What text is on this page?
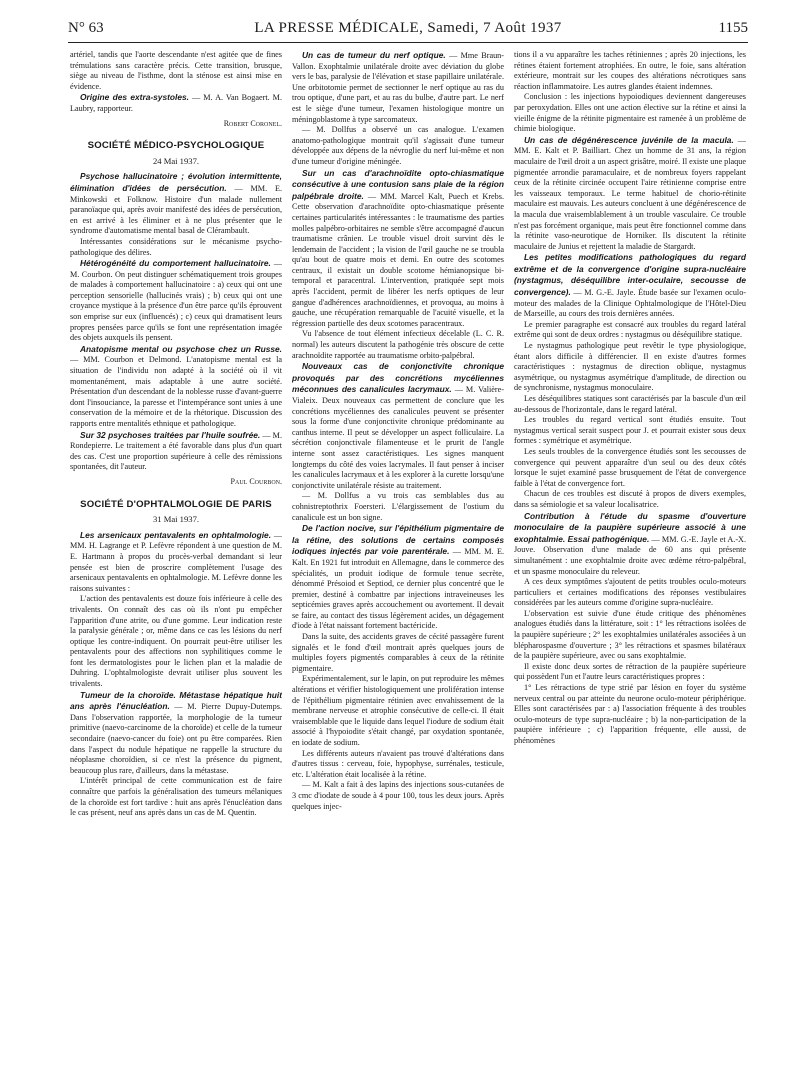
N° 63	LA PRESSE MÉDICALE, Samedi, 7 Août 1937	1155

artériel, tandis que l'aorte descendante n'est agitée que de fines trémulations sans caractère précis. Cette transition, brusque, siège au niveau de l'isthme, dont la sténose est ainsi mise en évidence.

Origine des extra-systoles. — M. A. Van Bogaert. M. Laubry, rapporteur.

Robert Coronel.
SOCIÉTÉ MÉDICO-PSYCHOLOGIQUE
24 Mai 1937.

Psychose hallucinatoire ; évolution intermittente, élimination d'idées de persécution. — MM. E. Minkowski et Folknow. Histoire d'un malade nullement paranoïaque qui, après avoir manifesté des idées de persécution, en est arrivé à les éliminer et à ne plus présenter que le syndrome d'automatisme mental basal de Clérambault.

Intéressantes considérations sur le mécanisme psycho-pathologique des délires.

Hétérogénéité du comportement hallucinatoire. — M. Courbon. On peut distinguer schématiquement trois groupes de malades à comportement hallucinatoire : a) ceux qui ont une perception sensorielle (hallucinés vrais) ; b) ceux qui ont une croyance mystique à la présence d'un être parce qu'ils éprouvent son emprise sur eux (influencés) ; c) ceux qui dramatisent leurs propres pensées parce qu'ils se font une représentation imagée des objets auxquels ils pensent.

Anatopisme mental ou psychose chez un Russe. — MM. Courbon et Delmond. L'anatopisme mental est la situation de l'individu non adapté à la société où il vit momentanément, mais adaptable à une autre société. Présentation d'un descendant de la noblesse russe d'avant-guerre dont l'insouciance, la paresse et l'intempérance sont unies à une conservation de la mémoire et de la rhétorique. Discussion des rapports entre mentalités ethnique et pathologique.

Sur 32 psychoses traitées par l'huile soufrée. — M. Rondepierre. Le traitement a été favorable dans plus d'un quart des cas. C'est une proportion supérieure à celle des rémissions spontanées, dit l'auteur.

Paul Courbon.
SOCIÉTÉ D'OPHTALMOLOGIE DE PARIS
31 Mai 1937.

Les arsenicaux pentavalents en ophtalmologie. — MM. H. Lagrange et P. Lefèvre répondent à une question de M. E. Hartmann à propos du procès-verbal demandant si leur pensée est bien de proscrire complètement l'usage des arsenicaux pentavalents en ophtalmologie. M. Lefèvre donne les raisons suivantes :

L'action des pentavalents est douze fois inférieure à celle des trivalents. On connaît des cas où ils n'ont pu empêcher l'apparition d'une atrite, ou d'une gomme. Leur indication reste la paralysie générale ; or, même dans ce cas les lésions du nerf optique les contre-indiquent. On pourrait peut-être utiliser les pentavalents pour des affections non syphilitiques comme le font les dermatologistes pour le lichen plan et la maladie de Duhring. L'ophtalmologiste devrait utiliser plus souvent les trivalents.

Tumeur de la choroïde. Métastase hépatique huit ans après l'énucléation. — M. Pierre Dupuy-Dutemps. Dans l'observation rapportée, la morphologie de la tumeur primitive (naevo-carcinome de la choroïde) et celle de la tumeur secondaire (naevo-cancer du foie) ont pu être comparées. Rien dans l'aspect du nodule hépatique ne rappelle la structure du néoplasme choroïdien, si ce n'est la présence du pigment, beaucoup plus rare, d'ailleurs, dans la métastase.

L'intérêt principal de cette communication est de faire connaître que parfois la généralisation des tumeurs mélaniques de la choroïde est fort tardive : huit ans après l'énucléation dans le cas présent, neuf ans après dans un cas de M. Quentin.

Un cas de tumeur du nerf optique. — Mme Braun-Vallon. Exophtalmie unilatérale droite avec déviation du globe vers le bas, paralysie de l'élévation et stase papillaire unilatérale. Une orbitotomie permet de sectionner le nerf optique au ras du trou optique, d'une part, et au ras du bulbe, d'autre part. Le nerf est le siège d'une tumeur, l'examen histologique montre un méningoblastome à type sarcomateux.

— M. Dollfus a observé un cas analogue. L'examen anatomo-pathologique montrait qu'il s'agissait d'une tumeur développée aux dépens de la névroglie du nerf lui-même et non d'une tumeur d'origine méningée.

Sur un cas d'arachnoïdite opto-chiasmatique consécutive à une contusion sans plaie de la région palpébrale droite. — MM. Marcel Kalt, Puech et Krebs. Cette observation d'arachnoïdite opto-chiasmatique présente certaines particularités intéressantes : le traumatisme des parties molles palpébro-orbitaires ne semble s'être accompagné d'aucun traumatisme crânien. Le trouble visuel droit survint dès le lendemain de l'accident ; la vision de l'œil gauche ne se troubla qu'au bout de quatre mois et demi. En outre des scotomes centraux, il existait un double scotome hémianopsique bi-temporal et paracentral. L'intervention, pratiquée sept mois après l'accident, permit de libérer les nerfs optiques de leur gangue d'adhérences arachnoïdiennes, et provoqua, au moins à gauche, une récupération remarquable de l'acuité visuelle, et la régression partielle des deux scotomes paracentraux.

Vu l'absence de tout élément infectieux décelable (L. C. R. normal) les auteurs discutent la pathogénie très obscure de cette arachnoïdite rapportée au traumatisme orbito-palpébral.

Nouveaux cas de conjonctivite chronique provoqués par des concrétions mycéliennes méconnues des canalicules lacrymaux. — M. Valière-Vialeix. Deux nouveaux cas permettent de conclure que les concrétions mycéliennes des canalicules peuvent se présenter sous la forme d'une conjonctivite chronique prédominante au canthus interne. Il peut se développer un aspect folliculaire. La sécrétion conjonctivale filamenteuse et le prurit de l'angle interne sont assez caractéristiques. Les signes manquent longtemps du côté des voies lacrymales. Il faut penser à inciser les canalicules lacrymaux et à les explorer à la curette lorsqu'une conjonctivite unilatérale résiste au traitement.

— M. Dollfus a vu trois cas semblables dus au cohnistreptothrix Foersteri. L'élargissement de l'ostium du canalicule est un bon signe.

De l'action nocive, sur l'épithélium pigmentaire de la rétine, des solutions de certains composés iodiques injectés par voie parentérale. — MM. M. E. Kalt. En 1921 fut introduit en Allemagne, dans le commerce des spécialités, un produit iodique de formule tenue secrète, dénommé Présoiod et Septiod, ce dernier plus concentré que le premier, destiné à combattre par injections intraveineuses les septicémies graves après accouchement ou avortement. Il devait se faire, au contact des tissus légèrement acides, un dégagement d'iode à l'état naissant fortement bactéricide.

Dans la suite, des accidents graves de cécité passagère furent signalés et le fond d'œil montrait après quelques jours de multiples foyers pigmentés comparables à ceux de la rétinite pigmentaire.

Expérimentalement, sur le lapin, on put reproduire les mêmes altérations et vérifier histologiquement une prolifération intense de l'épithélium pigmentaire rétinien avec envahissement de la membrane nerveuse et atrophie consécutive de celle-ci. Il était vraisemblable que le liquide dans lequel l'iodure de sodium était associé à l'hypoiodite s'était changé, par oxydation spontanée, en iodate de sodium.

Les différents auteurs n'avaient pas trouvé d'altérations dans d'autres tissus : cerveau, foie, hypophyse, surrénales, testicule, etc. L'altération était localisée à la rétine.

— M. Kalt a fait à des lapins des injections sous-cutanées de 3 cmc d'iodate de soude à 4 pour 100, tous les deux jours. Après quelques injec-

tions il a vu apparaître les taches rétiniennes ; après 20 injections, les rétines étaient fortement atrophiées. En outre, le foie, sans altération extérieure, montrait sur les coupes des altérations nécrotiques sans réaction inflammatoire. Les autres glandes étaient indemnes.

Conclusion : les injections hypoiodiques deviennent dangereuses par peroxydation. Elles ont une action élective sur la rétine et ainsi la vieille énigme de la rétinite pigmentaire est ramenée à un problème de chimie biologique.

Un cas de dégénérescence juvénile de la macula. — MM. E. Kalt et P. Bailliart. Chez un homme de 31 ans, la région maculaire de l'œil droit a un aspect grisâtre, moiré. Il existe une plaque pigmentée arrondie paramaculaire, et de nombreux foyers rappelant ceux de la rétinite circinée occupent l'aire rétinienne comprise entre les vaisseaux temporaux. Le terme habituel de chorio-rétinite maculaire est mauvais. Les auteurs concluent à une dégénérescence de la macula due vraisemblablement à un trouble vasculaire. Ce trouble n'est pas forcément organique, mais peut être fonctionnel comme dans la rétinite vaso-neurotique de Horniker. Ils discutent la rétinite maculaire de Junius et rejettent la maladie de Stargardt.

Les petites modifications pathologiques du regard extrême et de la convergence d'origine supra-nucléaire (nystagmus, déséquilibre inter-oculaire, secousse de convergence). — M. G.-E. Jayle. Étude basée sur l'examen oculo-moteur des malades de la Clinique Ophtalmologique de l'Hôtel-Dieu de Marseille, au cours des trois dernières années.

Le premier paragraphe est consacré aux troubles du regard latéral extrême qui sont de deux ordres : nystagmus ou déséquilibre statique.

Le nystagmus pathologique peut revêtir le type physiologique, étant alors difficile à différencier. Il en existe d'autres formes caractéristiques : nystagmus de direction oblique, nystagmus asymétrique, ou nystagmus asymétrique d'amplitude, de direction ou de synchronisme, nystagmus monoculaire.

Les déséquilibres statiques sont caractérisés par la bascule d'un œil au-dessous de l'horizontale, dans le regard latéral.

Les troubles du regard vertical sont étudiés ensuite. Tout nystagmus vertical serait suspect pour J. et pourrait exister sous deux formes : symétrique et asymétrique.

Les seuls troubles de la convergence étudiés sont les secousses de convergence qui peuvent apparaître d'un seul ou des deux côtés lorsque le sujet examiné passe brusquement de l'état de convergence faible à l'état de convergence fort.

Chacun de ces troubles est discuté à propos de divers exemples, dans sa sémiologie et sa valeur localisatrice.

Contribution à l'étude du spasme d'ouverture monoculaire de la paupière supérieure associé à une exophtalmie. Essai pathogénique. — MM. G.-E. Jayle et A.-X. Jouve. Observation d'une malade de 60 ans qui présente simultanément : une exophtalmie droite avec œdème rétro-palpébral, et un spasme monoculaire du releveur.

A ces deux symptômes s'ajoutent de petits troubles oculo-moteurs particuliers et certaines modifications des réponses vestibulaires considérées par les auteurs comme d'origine supra-nucléaire.

L'observation est suivie d'une étude critique des phénomènes analogues étudiés dans la littérature, soit : 1° les rétractions isolées de la paupière supérieure ; 2° les exophtalmies unilatérales associées à un blépharospasme d'ouverture ; 3° les rétractions et spasmes bilatéraux de la paupière supérieure, avec ou sans exophtalmie.

Il existe donc deux sortes de rétraction de la paupière supérieure qui possèdent l'un et l'autre leurs caractéristiques propres :

1° Les rétractions de type strié par lésion en foyer du système nerveux central ou par atteinte du neurone oculo-moteur périphérique. Elles sont caractérisées par : a) l'association fréquente à des troubles oculo-moteurs de type supra-nucléaire ; b) la non-participation de la paupière inférieure ; c) l'apparition fréquente, elle aussi, de phénomènes
